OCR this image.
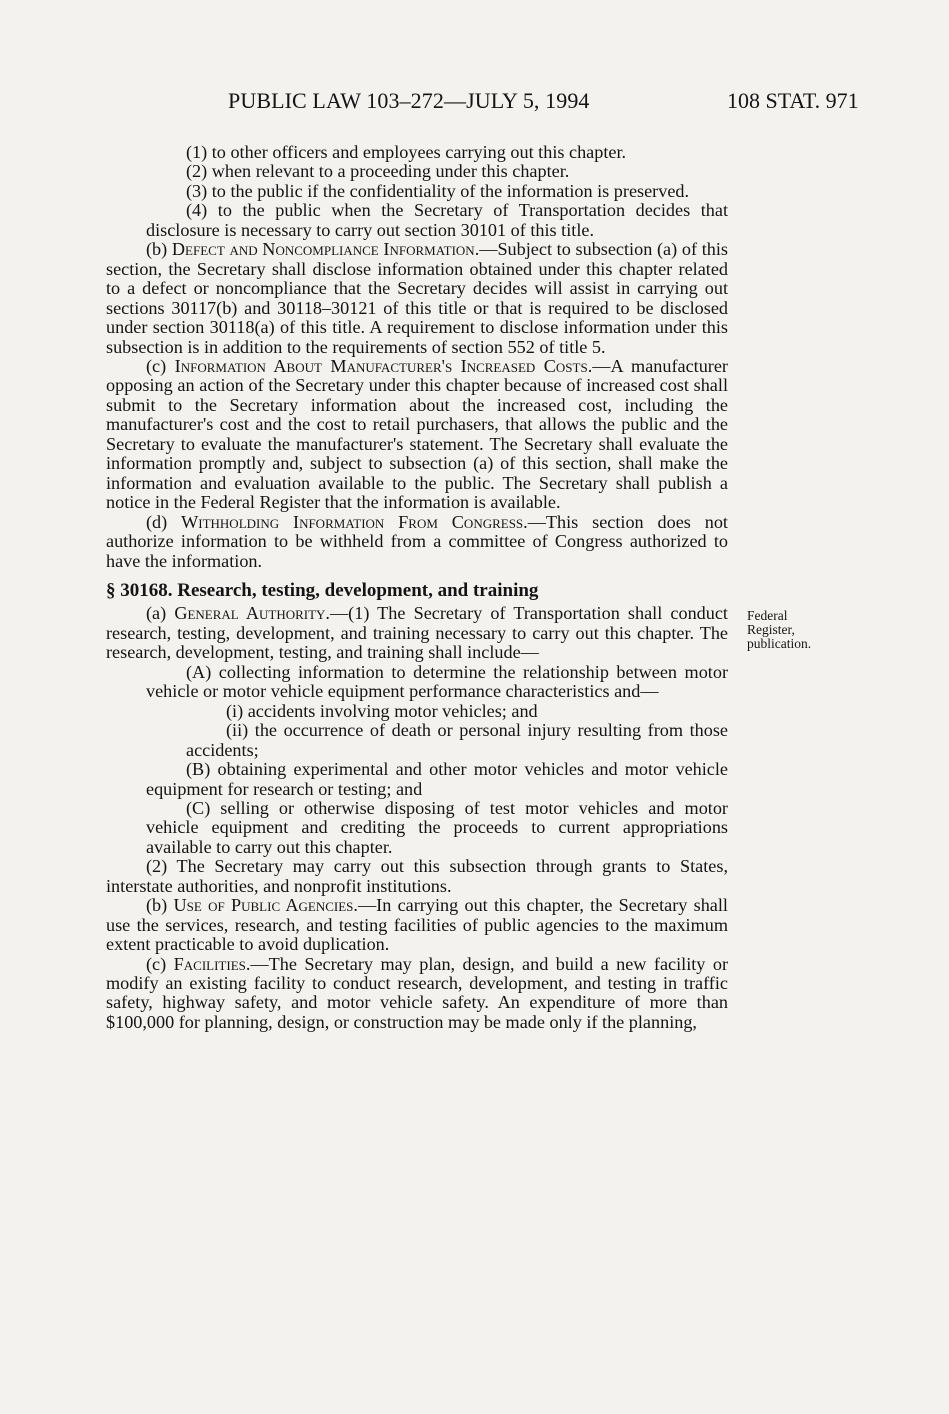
PUBLIC LAW 103–272—JULY 5, 1994	108 STAT. 971

(1) to other officers and employees carrying out this chapter.

(2) when relevant to a proceeding under this chapter.

(3) to the public if the confidentiality of the information is preserved.

(4) to the public when the Secretary of Transportation decides that disclosure is necessary to carry out section 30101 of this title.

(b) Defect and Noncompliance Information.—Subject to subsection (a) of this section, the Secretary shall disclose information obtained under this chapter related to a defect or noncompliance that the Secretary decides will assist in carrying out sections 30117(b) and 30118–30121 of this title or that is required to be disclosed under section 30118(a) of this title. A requirement to disclose information under this subsection is in addition to the requirements of section 552 of title 5.

(c) Information About Manufacturer's Increased Costs.—A manufacturer opposing an action of the Secretary under this chapter because of increased cost shall submit to the Secretary information about the increased cost, including the manufacturer's cost and the cost to retail purchasers, that allows the public and the Secretary to evaluate the manufacturer's statement. The Secretary shall evaluate the information promptly and, subject to subsection (a) of this section, shall make the information and evaluation available to the public. The Secretary shall publish a notice in the Federal Register that the information is available.

(d) Withholding Information From Congress.—This section does not authorize information to be withheld from a committee of Congress authorized to have the information.

§ 30168. Research, testing, development, and training

(a) General Authority.—(1) The Secretary of Transportation shall conduct research, testing, development, and training necessary to carry out this chapter. The research, development, testing, and training shall include—

(A) collecting information to determine the relationship between motor vehicle or motor vehicle equipment performance characteristics and—

(i) accidents involving motor vehicles; and

(ii) the occurrence of death or personal injury resulting from those accidents;

(B) obtaining experimental and other motor vehicles and motor vehicle equipment for research or testing; and

(C) selling or otherwise disposing of test motor vehicles and motor vehicle equipment and crediting the proceeds to current appropriations available to carry out this chapter.

(2) The Secretary may carry out this subsection through grants to States, interstate authorities, and nonprofit institutions.

(b) Use of Public Agencies.—In carrying out this chapter, the Secretary shall use the services, research, and testing facilities of public agencies to the maximum extent practicable to avoid duplication.

(c) Facilities.—The Secretary may plan, design, and build a new facility or modify an existing facility to conduct research, development, and testing in traffic safety, highway safety, and motor vehicle safety. An expenditure of more than $100,000 for planning, design, or construction may be made only if the planning,

Federal
Register,
publication.
